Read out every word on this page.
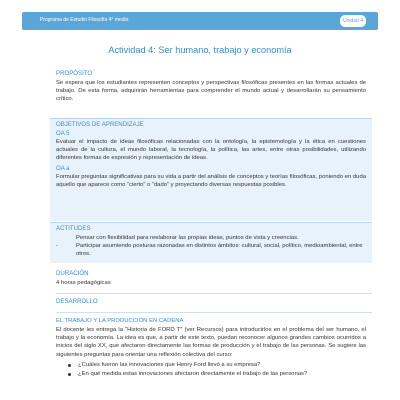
Programa de Estudio Filosofía 4° medio	Unidad 4
Actividad 4: Ser humano, trabajo y economía
PROPÓSITO
Se espera que los estudiantes representen conceptos y perspectivas filosóficas presentes en las formas actuales de trabajo. De esta forma, adquirirán herramientas para comprender el mundo actual y desarrollarán su pensamiento crítico.
OBJETIVOS DE APRENDIZAJE
OA 5
Evaluar el impacto de ideas filosóficas relacionadas con la ontología, la epistemología y la ética en cuestiones actuales de la cultura, el mundo laboral, la tecnología, la política, las artes, entre otras posibilidades, utilizando diferentes formas de expresión y representación de ideas.
OA a
Formular preguntas significativas para su vida a partir del análisis de conceptos y teorías filosóficas, poniendo en duda aquello que aparece como “cierto” o “dado” y proyectando diversas respuestas posibles.
ACTITUDES
Pensar con flexibilidad para reelaborar las propias ideas, puntos de vista y creencias.
-	Participar asumiendo posturas razonadas en distintos ámbitos: cultural, social, político, medioambiental, entre otros.
DURACIÓN
4 horas pedagógicas
DESARROLLO
EL TRABAJO Y LA PRODUCCIÓN EN CADENA
El docente les entrega la “Historia de FORD T” (ver Recursos) para introducirlos en el problema del ser humano, el trabajo y la economía. La idea es que, a partir de este texto, puedan reconocer algunos grandes cambios ocurridos a inicios del siglo XX, que afectaron directamente las formas de producción y el trabajo de las personas. Se sugiere las siguientes preguntas para orientar una reflexión colectiva del curso:
¿Cuáles fueron las innovaciones que Henry Ford llevó a su empresa?
¿En qué medida estas innovaciones afectaron directamente el trabajo de las personas?
